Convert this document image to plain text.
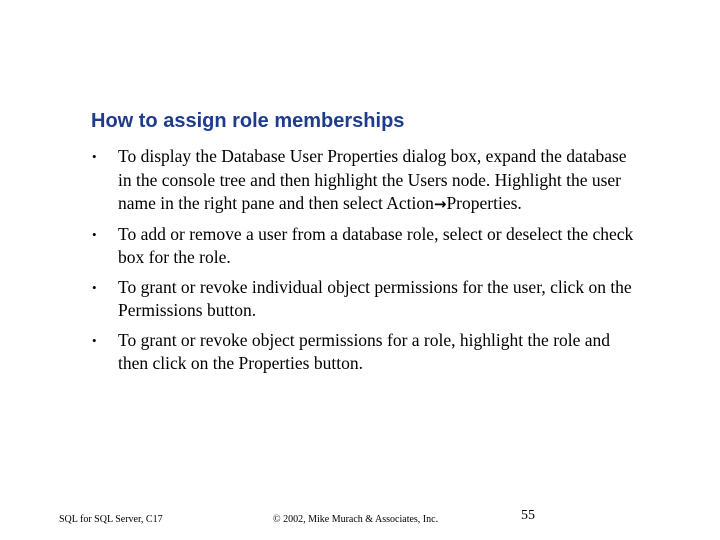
How to assign role memberships
• To display the Database User Properties dialog box, expand the database in the console tree and then highlight the Users node. Highlight the user name in the right pane and then select Action→Properties.
• To add or remove a user from a database role, select or deselect the check box for the role.
• To grant or revoke individual object permissions for the user, click on the Permissions button.
• To grant or revoke object permissions for a role, highlight the role and then click on the Properties button.
SQL for SQL Server, C17	© 2002, Mike Murach & Associates, Inc.	55
